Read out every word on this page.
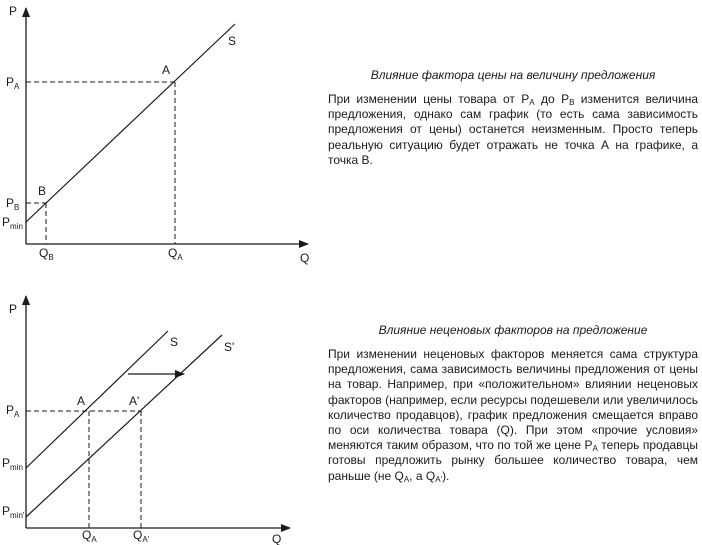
P
Q
S
A
B
$P_A$
$P_B$
$P_{min}$
$Q_B$	$Q_A$
P
Q
S	S'
A	A'
$P_A$
$P_{min}$
$P_{min'}$
$Q_A$	$Q_{A'}$
Влияние фактора цены на величину предложения

При изменении цены товара от $P_A$ до $P_B$ изменится величина предложения, однако сам график (то есть сама зависимость предложения от цены) останется неизменным. Просто теперь реальную ситуацию будет отражать не точка А на графике, а точка В.

Влияние неценовых факторов на предложение

При изменении неценовых факторов меняется сама структура предложения, сама зависимость величины предложения от цены на товар. Например, при «положительном» влиянии неценовых факторов (например, если ресурсы подешевели или увеличилось количество продавцов), график предложения смещается вправо по оси количества товара (Q). При этом «прочие условия» меняются таким образом, что по той же цене $P_A$ теперь продавцы готовы предложить рынку большее количество товара, чем раньше (не $Q_A$, а $Q_{A'}$).
